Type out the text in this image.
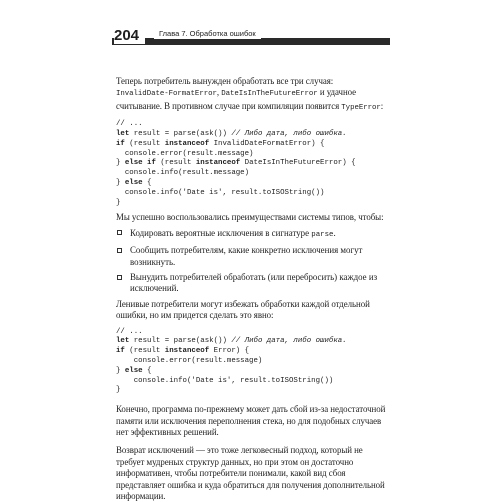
204	Глава 7. Обработка ошибок

Теперь потребитель вынужден обработать все три случая: InvalidDate-FormatError, DateIsInTheFutureError и удачное считывание. В противном случае при компиляции появится TypeError:

// ...
let result = parse(ask()) // Либо дата, либо ошибка.
if (result instanceof InvalidDateFormatError) {
console.error(result.message)
} else if (result instanceof DateIsInTheFutureError) {
console.info(result.message)
} else {
console.info('Date is', result.toISOString())
}

Мы успешно воспользовались преимуществами системы типов, чтобы:

Кодировать вероятные исключения в сигнатуре parse.
Сообщить потребителям, какие конкретно исключения могут возникнуть.
Вынудить потребителей обработать (или перебросить) каждое из исключений.

Ленивые потребители могут избежать обработки каждой отдельной ошибки, но им придется сделать это явно:

// ...
let result = parse(ask()) // Либо дата, либо ошибка.
if (result instanceof Error) {
console.error(result.message)
} else {
console.info('Date is', result.toISOString())
}

Конечно, программа по-прежнему может дать сбой из-за недостаточной памяти или исключения переполнения стека, но для подобных случаев нет эффективных решений.

Возврат исключений — это тоже легковесный подход, который не требует мудреных структур данных, но при этом он достаточно информативен, чтобы потребители понимали, какой вид сбоя представляет ошибка и куда обратиться для получения дополнительной информации.
